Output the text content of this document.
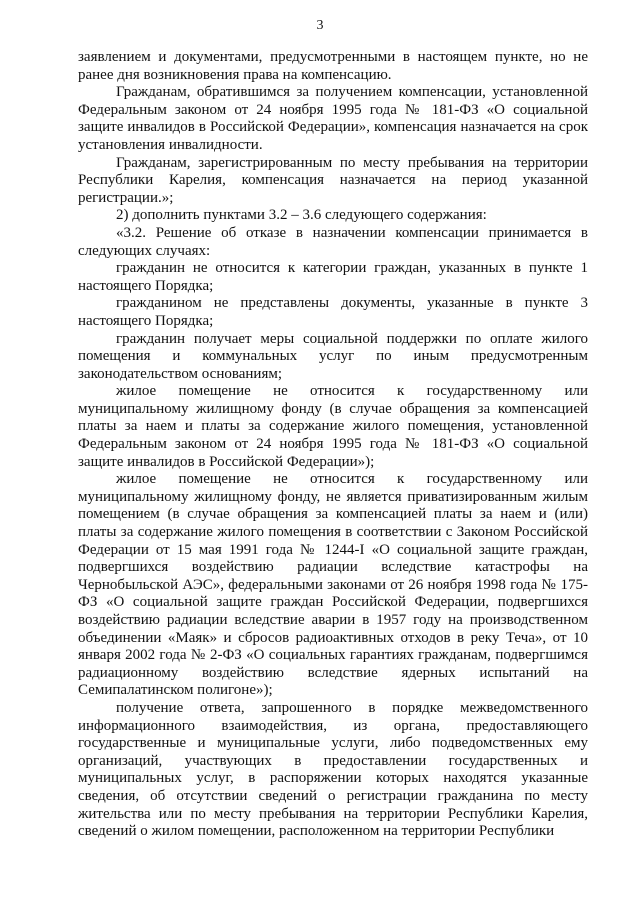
3

заявлением и документами, предусмотренными в настоящем пункте, но не ранее дня возникновения права на компенсацию.

Гражданам, обратившимся за получением компенсации, установленной Федеральным законом от 24 ноября 1995 года № 181-ФЗ «О социальной защите инвалидов в Российской Федерации», компенсация назначается на срок установления инвалидности.

Гражданам, зарегистрированным по месту пребывания на территории Республики Карелия, компенсация назначается на период указанной регистрации.»;

2) дополнить пунктами 3.2 – 3.6 следующего содержания:

«3.2. Решение об отказе в назначении компенсации принимается в следующих случаях:

гражданин не относится к категории граждан, указанных в пункте 1 настоящего Порядка;

гражданином не представлены документы, указанные в пункте 3 настоящего Порядка;

гражданин получает меры социальной поддержки по оплате жилого помещения и коммунальных услуг по иным предусмотренным законодательством основаниям;

жилое помещение не относится к государственному или муниципальному жилищному фонду (в случае обращения за компенсацией платы за наем и платы за содержание жилого помещения, установленной Федеральным законом от 24 ноября 1995 года № 181-ФЗ «О социальной защите инвалидов в Российской Федерации»);

жилое помещение не относится к государственному или муниципальному жилищному фонду, не является приватизированным жилым помещением (в случае обращения за компенсацией платы за наем и (или) платы за содержание жилого помещения в соответствии с Законом Российской Федерации от 15 мая 1991 года № 1244-I «О социальной защите граждан, подвергшихся воздействию радиации вследствие катастрофы на Чернобыльской АЭС», федеральными законами от 26 ноября 1998 года № 175-ФЗ «О социальной защите граждан Российской Федерации, подвергшихся воздействию радиации вследствие аварии в 1957 году на производственном объединении «Маяк» и сбросов радиоактивных отходов в реку Теча», от 10 января 2002 года № 2-ФЗ «О социальных гарантиях гражданам, подвергшимся радиационному воздействию вследствие ядерных испытаний на Семипалатинском полигоне»);

получение ответа, запрошенного в порядке межведомственного информационного взаимодействия, из органа, предоставляющего государственные и муниципальные услуги, либо подведомственных ему организаций, участвующих в предоставлении государственных и муниципальных услуг, в распоряжении которых находятся указанные сведения, об отсутствии сведений о регистрации гражданина по месту жительства или по месту пребывания на территории Республики Карелия, сведений о жилом помещении, расположенном на территории Республики
